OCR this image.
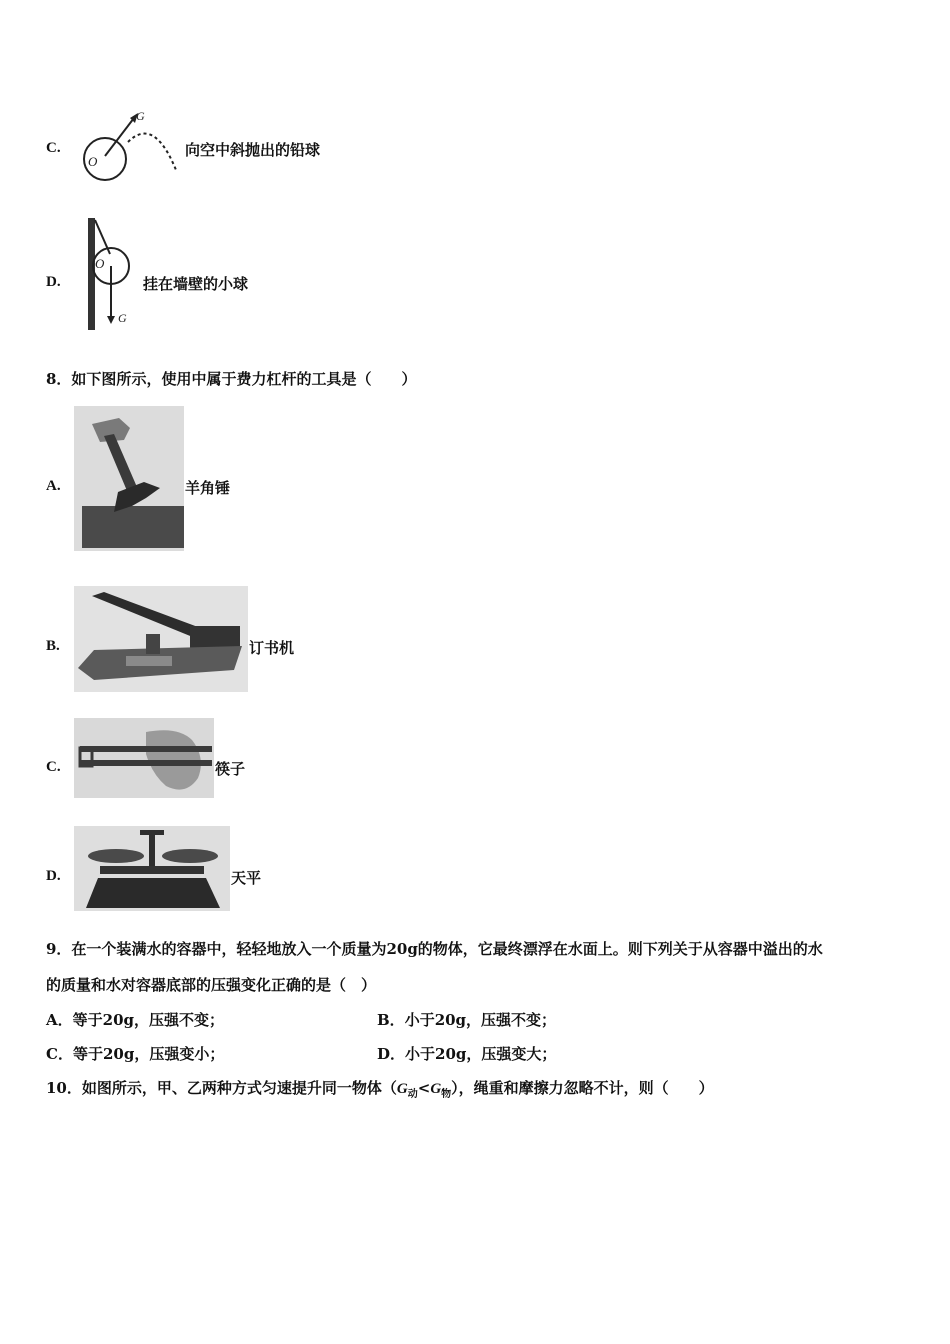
C.
O
G
向空中斜抛出的铅球
D.
O
G
挂在墙壁的小球
8．如下图所示，使用中属于费力杠杆的工具是（　　）
A.	羊角锤
B.	订书机
C.	筷子
D.	天平
9．在一个装满水的容器中，轻轻地放入一个质量为20g的物体，它最终漂浮在水面上。则下列关于从容器中溢出的水
的质量和水对容器底部的压强变化正确的是（　）
A．等于20g，压强不变；	B．小于20g，压强不变；
C．等于20g，压强变小；	D．小于20g，压强变大；
10．如图所示，甲、乙两种方式匀速提升同一物体$(G_动<G_物)$，绳重和摩擦力忽略不计，则（　　）
